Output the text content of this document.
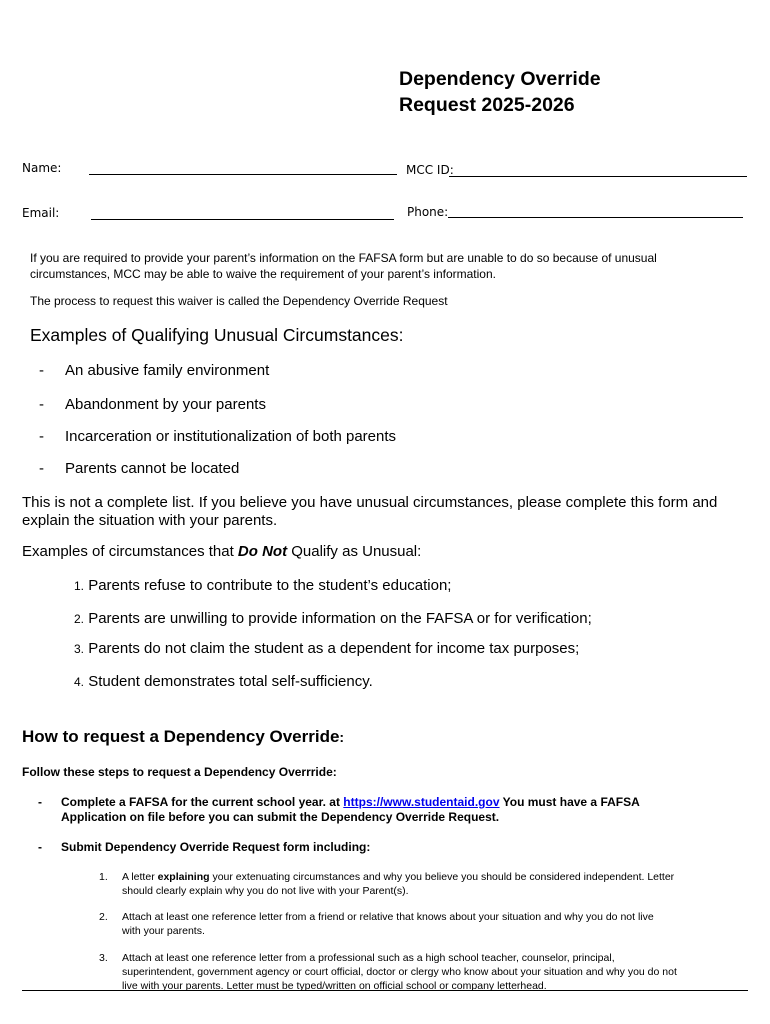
Dependency Override
Request 2025-2026
Name:	MCC ID:
Email:	Phone:
If you are required to provide your parent’s information on the FAFSA form but are unable to do so because of unusual
circumstances, MCC may be able to waive the requirement of your parent’s information.
The process to request this waiver is called the Dependency Override Request
Examples of Qualifying Unusual Circumstances:
- An abusive family environment
- Abandonment by your parents
- Incarceration or institutionalization of both parents
- Parents cannot be located
This is not a complete list. If you believe you have unusual circumstances, please complete this form and
explain the situation with your parents.
Examples of circumstances that Do Not Qualify as Unusual:
1. Parents refuse to contribute to the student’s education;
2. Parents are unwilling to provide information on the FAFSA or for verification;
3. Parents do not claim the student as a dependent for income tax purposes;
4. Student demonstrates total self-sufficiency.
How to request a Dependency Override:
Follow these steps to request a Dependency Overrride:
- Complete a FAFSA for the current school year. at https://www.studentaid.gov You must have a FAFSA
Application on file before you can submit the Dependency Override Request.
- Submit Dependency Override Request form including:
1. A letter explaining your extenuating circumstances and why you believe you should be considered independent. Letter
should clearly explain why you do not live with your Parent(s).
2. Attach at least one reference letter from a friend or relative that knows about your situation and why you do not live
with your parents.
3. Attach at least one reference letter from a professional such as a high school teacher, counselor, principal,
superintendent, government agency or court official, doctor or clergy who know about your situation and why you do not
live with your parents. Letter must be typed/written on official school or company letterhead.
